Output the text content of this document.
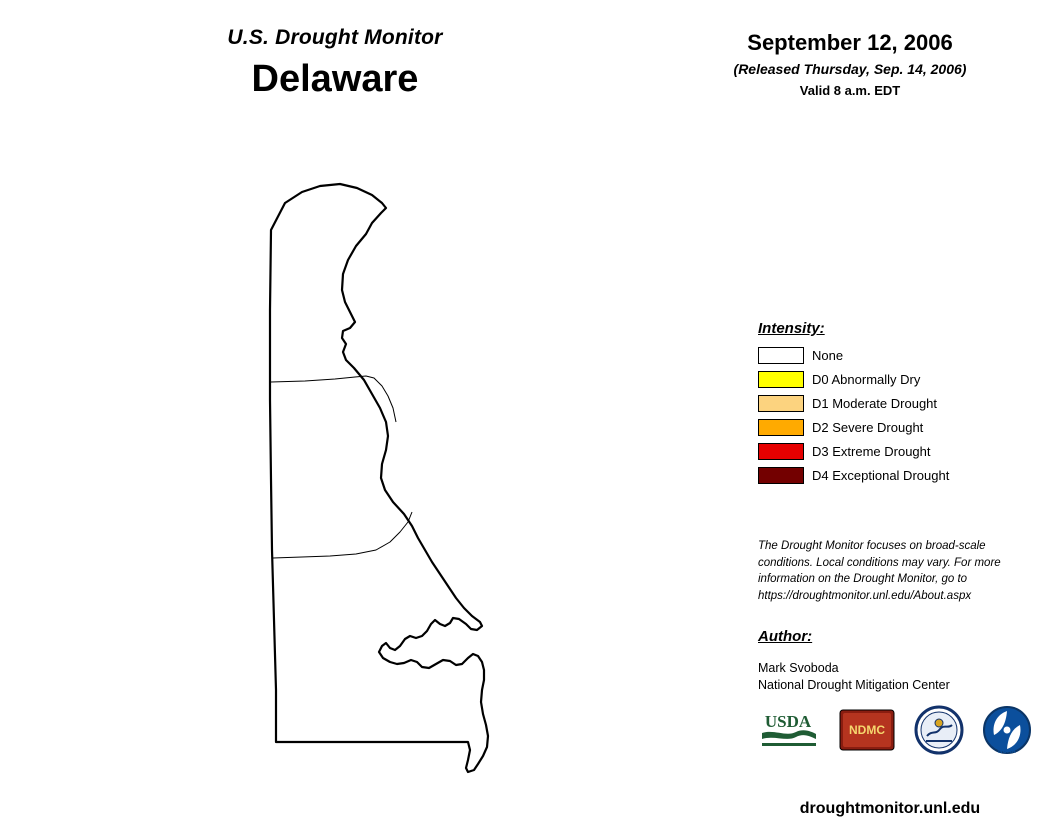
U.S. Drought Monitor
Delaware
September 12, 2006
(Released Thursday, Sep. 14, 2006)
Valid 8 a.m. EDT
Intensity:
None
D0 Abnormally Dry
D1 Moderate Drought
D2 Severe Drought
D3 Extreme Drought
D4 Exceptional Drought
The Drought Monitor focuses on broad-scale conditions. Local conditions may vary. For more information on the Drought Monitor, go to https://droughtmonitor.unl.edu/About.aspx
Author:
Mark Svoboda
National Drought Mitigation Center
USDA	NDMC
NOAA
droughtmonitor.unl.edu
